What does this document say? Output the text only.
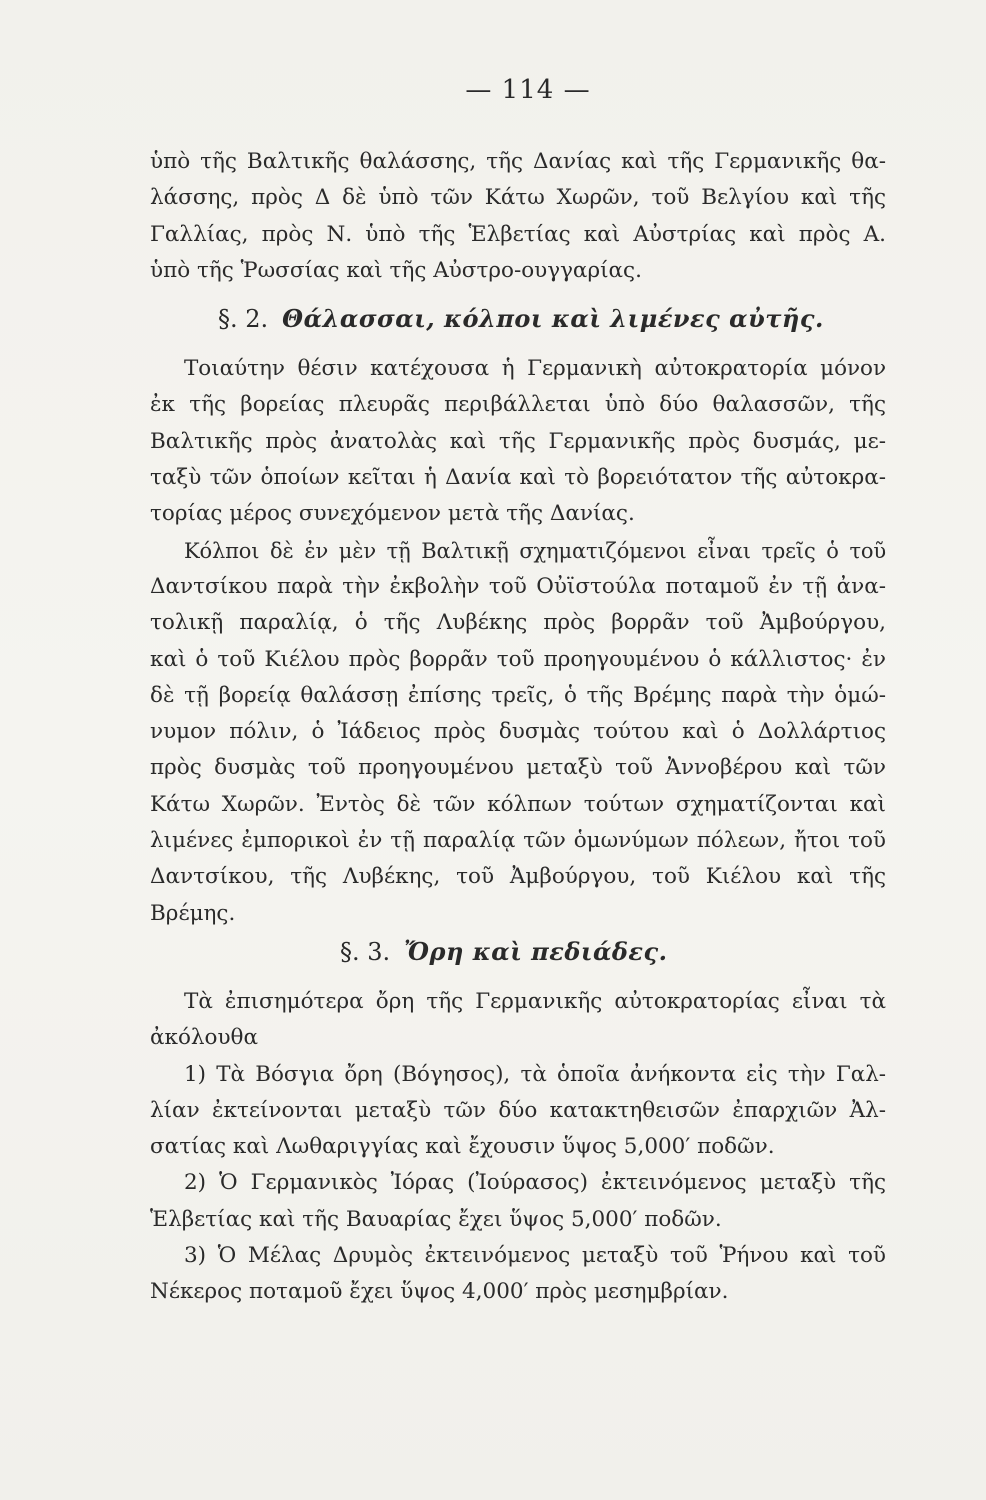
— 114 —
ὑπὸ τῆς Βαλτικῆς θαλάσσης, τῆς Δανίας καὶ τῆς Γερμανικῆς θα-
λάσσης, πρὸς Δ δὲ ὑπὸ τῶν Κάτω Χωρῶν, τοῦ Βελγίου καὶ τῆς
Γαλλίας, πρὸς Ν. ὑπὸ τῆς Ἑλβετίας καὶ Αὐστρίας καὶ πρὸς Α.
ὑπὸ τῆς Ῥωσσίας καὶ τῆς Αὐστρο-ουγγαρίας.
§. 2. Θάλασσαι, κόλποι καὶ λιμένες αὐτῆς.
Τοιαύτην θέσιν κατέχουσα ἡ Γερμανικὴ αὐτοκρατορία μόνον
ἐκ τῆς βορείας πλευρᾶς περιβάλλεται ὑπὸ δύο θαλασσῶν, τῆς
Βαλτικῆς πρὸς ἀνατολὰς καὶ τῆς Γερμανικῆς πρὸς δυσμάς, με-
ταξὺ τῶν ὁποίων κεῖται ἡ Δανία καὶ τὸ βορειότατον τῆς αὐτοκρα-
τορίας μέρος συνεχόμενον μετὰ τῆς Δανίας.
Κόλποι δὲ ἐν μὲν τῇ Βαλτικῇ σχηματιζόμενοι εἶναι τρεῖς ὁ τοῦ
Δαντσίκου παρὰ τὴν ἐκβολὴν τοῦ Οὐϊστούλα ποταμοῦ ἐν τῇ ἀνα-
τολικῇ παραλίᾳ, ὁ τῆς Λυβέκης πρὸς βορρᾶν τοῦ Ἀμβούργου,
καὶ ὁ τοῦ Κιέλου πρὸς βορρᾶν τοῦ προηγουμένου ὁ κάλλιστος· ἐν
δὲ τῇ βορείᾳ θαλάσσῃ ἐπίσης τρεῖς, ὁ τῆς Βρέμης παρὰ τὴν ὁμώ-
νυμον πόλιν, ὁ Ἰάδειος πρὸς δυσμὰς τούτου καὶ ὁ Δολλάρτιος
πρὸς δυσμὰς τοῦ προηγουμένου μεταξὺ τοῦ Ἀννοβέρου καὶ τῶν
Κάτω Χωρῶν. Ἐντὸς δὲ τῶν κόλπων τούτων σχηματίζονται καὶ
λιμένες ἐμπορικοὶ ἐν τῇ παραλίᾳ τῶν ὁμωνύμων πόλεων, ἤτοι τοῦ
Δαντσίκου, τῆς Λυβέκης, τοῦ Ἀμβούργου, τοῦ Κιέλου καὶ τῆς
Βρέμης.
§. 3. Ὄρη καὶ πεδιάδες.
Τὰ ἐπισημότερα ὄρη τῆς Γερμανικῆς αὐτοκρατορίας εἶναι τὰ
ἀκόλουθα
1) Τὰ Βόσγια ὄρη (Βόγησος), τὰ ὁποῖα ἀνήκοντα εἰς τὴν Γαλ-
λίαν ἐκτείνονται μεταξὺ τῶν δύο κατακτηθεισῶν ἐπαρχιῶν Ἀλ-
σατίας καὶ Λωθαριγγίας καὶ ἔχουσιν ὕψος 5,000′ ποδῶν.
2) Ὁ Γερμανικὸς Ἰόρας (Ἰούρασος) ἐκτεινόμενος μεταξὺ τῆς
Ἑλβετίας καὶ τῆς Βαυαρίας ἔχει ὕψος 5,000′ ποδῶν.
3) Ὁ Μέλας Δρυμὸς ἐκτεινόμενος μεταξὺ τοῦ Ῥήνου καὶ τοῦ
Νέκερος ποταμοῦ ἔχει ὕψος 4,000′ πρὸς μεσημβρίαν.
